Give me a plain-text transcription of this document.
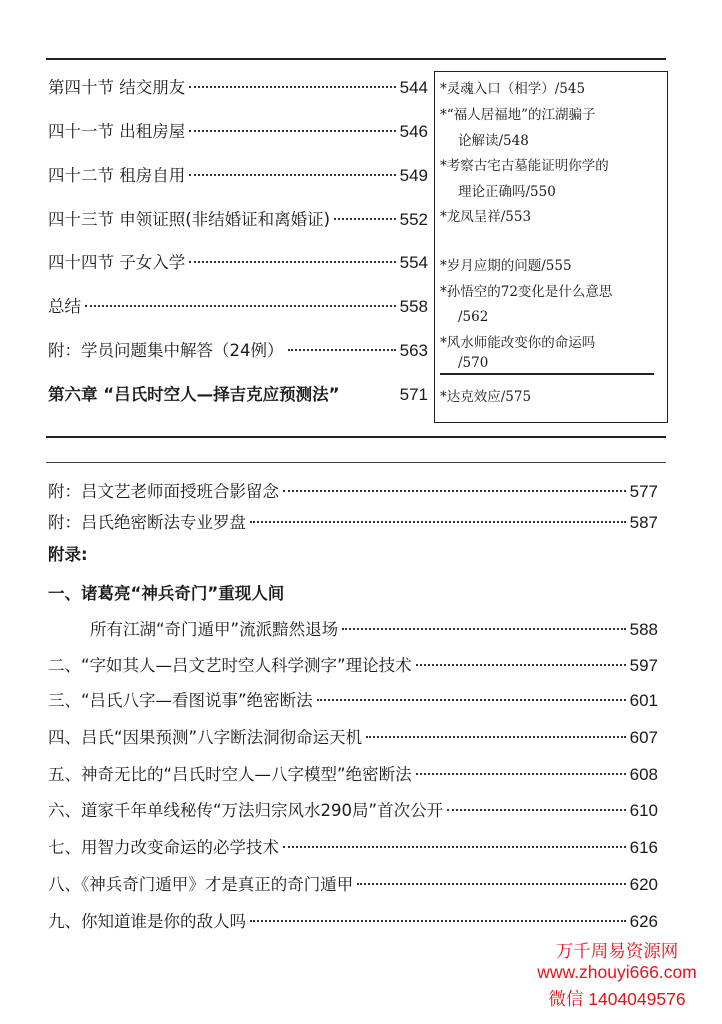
第四十节 结交朋友	544
四十一节 出租房屋	546
四十二节 租房自用	549
四十三节 申领证照(非结婚证和离婚证)	552
四十四节 子女入学	554
总结	558
附：学员问题集中解答（24例）	563
第六章 “吕氏时空人—择吉克应预测法”	571
*灵魂入口（相学）/545
*“福人居福地”的江湖骗子
论解读/548
*考察古宅古墓能证明你学的
理论正确吗/550
*龙凤呈祥/553
*岁月应期的问题/555
*孙悟空的72变化是什么意思
/562
*风水师能改变你的命运吗
/570
*达克效应/575
附：吕文艺老师面授班合影留念	577
附：吕氏绝密断法专业罗盘	587
附录:
一、诸葛亮“神兵奇门”重现人间
所有江湖“奇门遁甲”流派黯然退场	588
二、“字如其人—吕文艺时空人科学测字”理论技术	597
三、“吕氏八字—看图说事”绝密断法	601
四、吕氏“因果预测”八字断法洞彻命运天机	607
五、神奇无比的“吕氏时空人—八字模型”绝密断法	608
六、道家千年单线秘传“万法归宗风水290局”首次公开	610
七、用智力改变命运的必学技术	616
八、《神兵奇门遁甲》才是真正的奇门遁甲	620
九、你知道谁是你的敌人吗	626
万千周易资源网
www.zhouyi666.com
微信 1404049576
